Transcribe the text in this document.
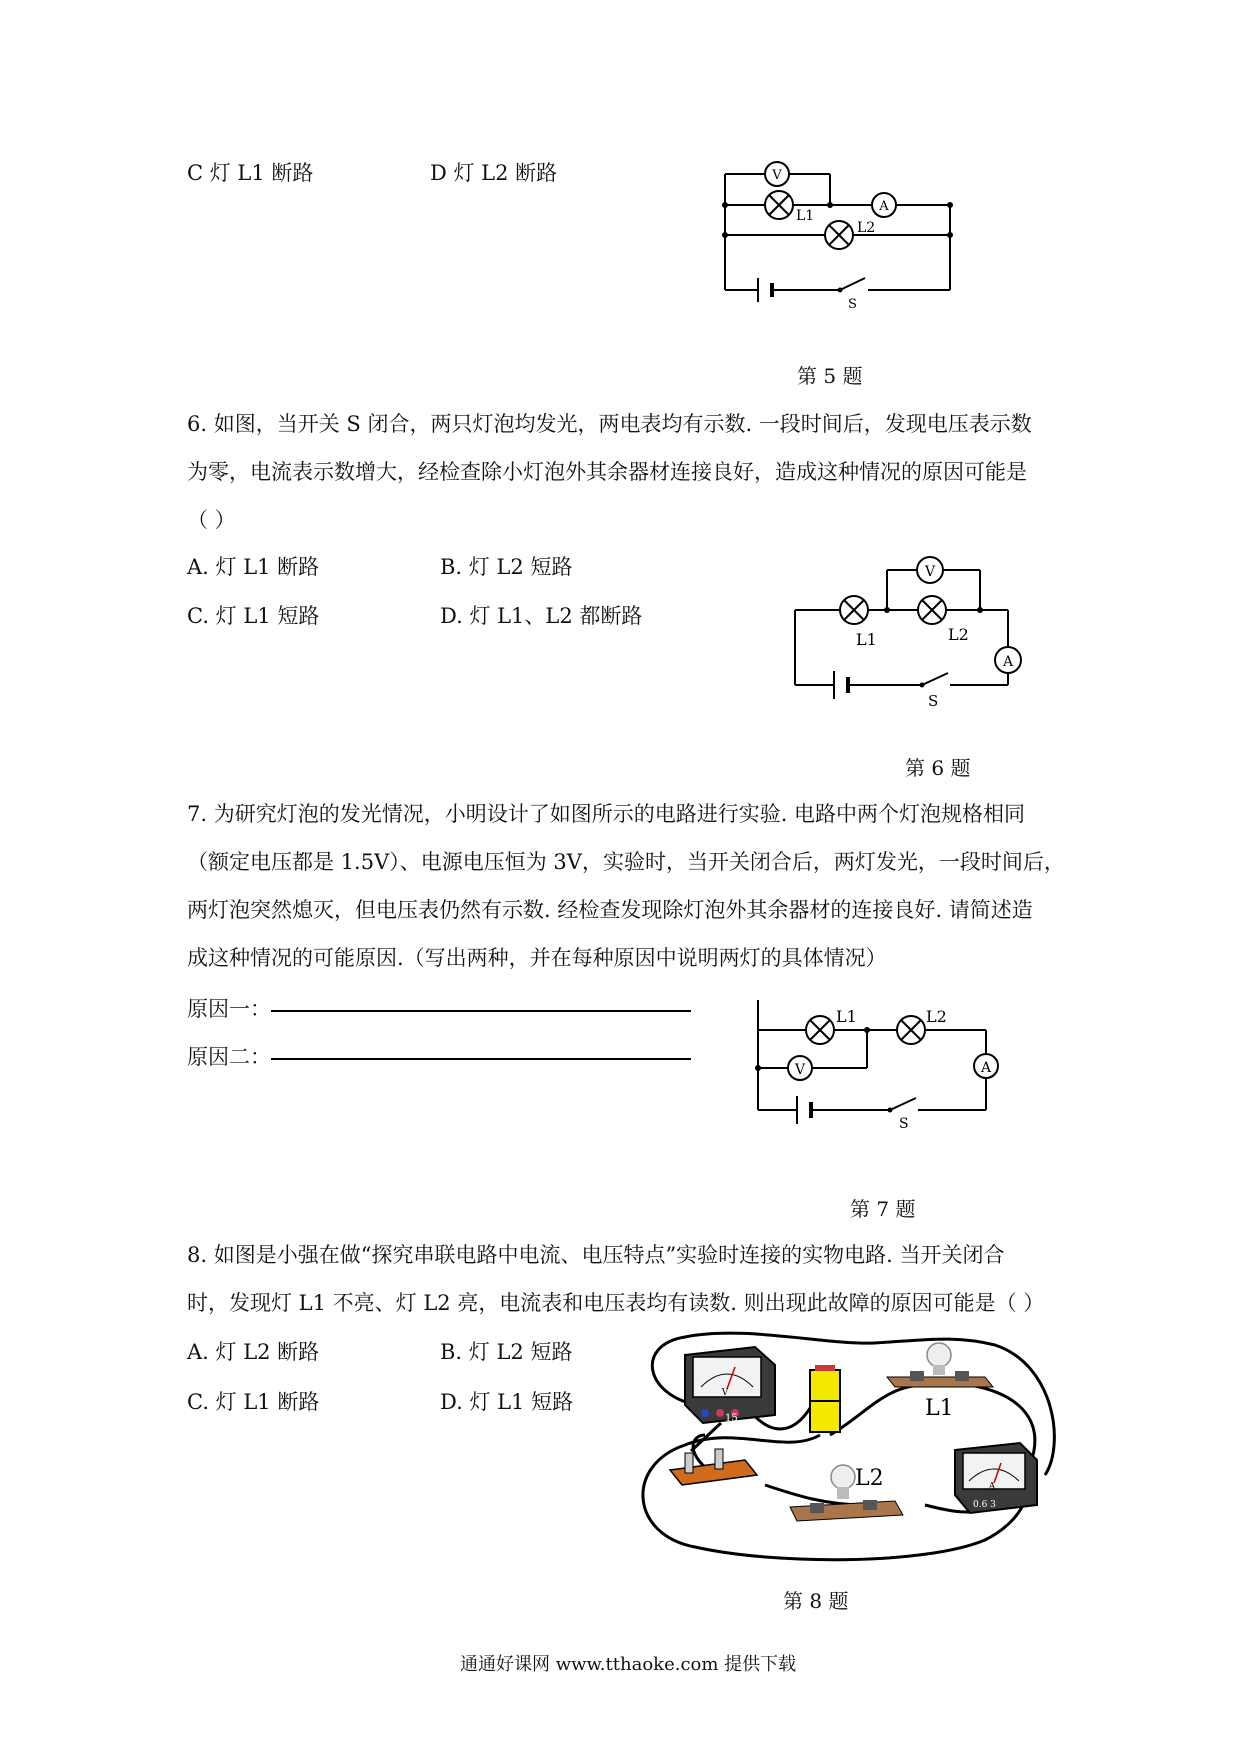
C 灯 L1 断路	D 灯 L2 断路	V
L1
A
L2
S
第 5 题
6. 如图，当开关 S 闭合，两只灯泡均发光，两电表均有示数. 一段时间后，发现电压表示数
为零，电流表示数增大，经检查除小灯泡外其余器材连接良好，造成这种情况的原因可能是
（ ）
A. 灯 L1 断路	B. 灯 L2 短路
C. 灯 L1 短路	D. 灯 L1、L2 都断路
V
L1	L2
A
S
第 6 题
7. 为研究灯泡的发光情况，小明设计了如图所示的电路进行实验. 电路中两个灯泡规格相同
（额定电压都是 1.5V）、电源电压恒为 3V，实验时，当开关闭合后，两灯发光，一段时间后，
两灯泡突然熄灭，但电压表仍然有示数. 经检查发现除灯泡外其余器材的连接良好. 请简述造
成这种情况的可能原因.（写出两种，并在每种原因中说明两灯的具体情况）
原因一：
原因二：
L1	L2
V	A
S
第 7 题
8. 如图是小强在做“探究串联电路中电流、电压特点”实验时连接的实物电路. 当开关闭合
时，发现灯 L1 不亮、灯 L2 亮，电流表和电压表均有读数. 则出现此故障的原因可能是（ ）
A. 灯 L2 断路	B. 灯 L2 短路
C. 灯 L1 断路	D. 灯 L1 短路	V
15	L1
L2	A
0.6 3
第 8 题
通通好课网 www.tthaoke.com 提供下载
